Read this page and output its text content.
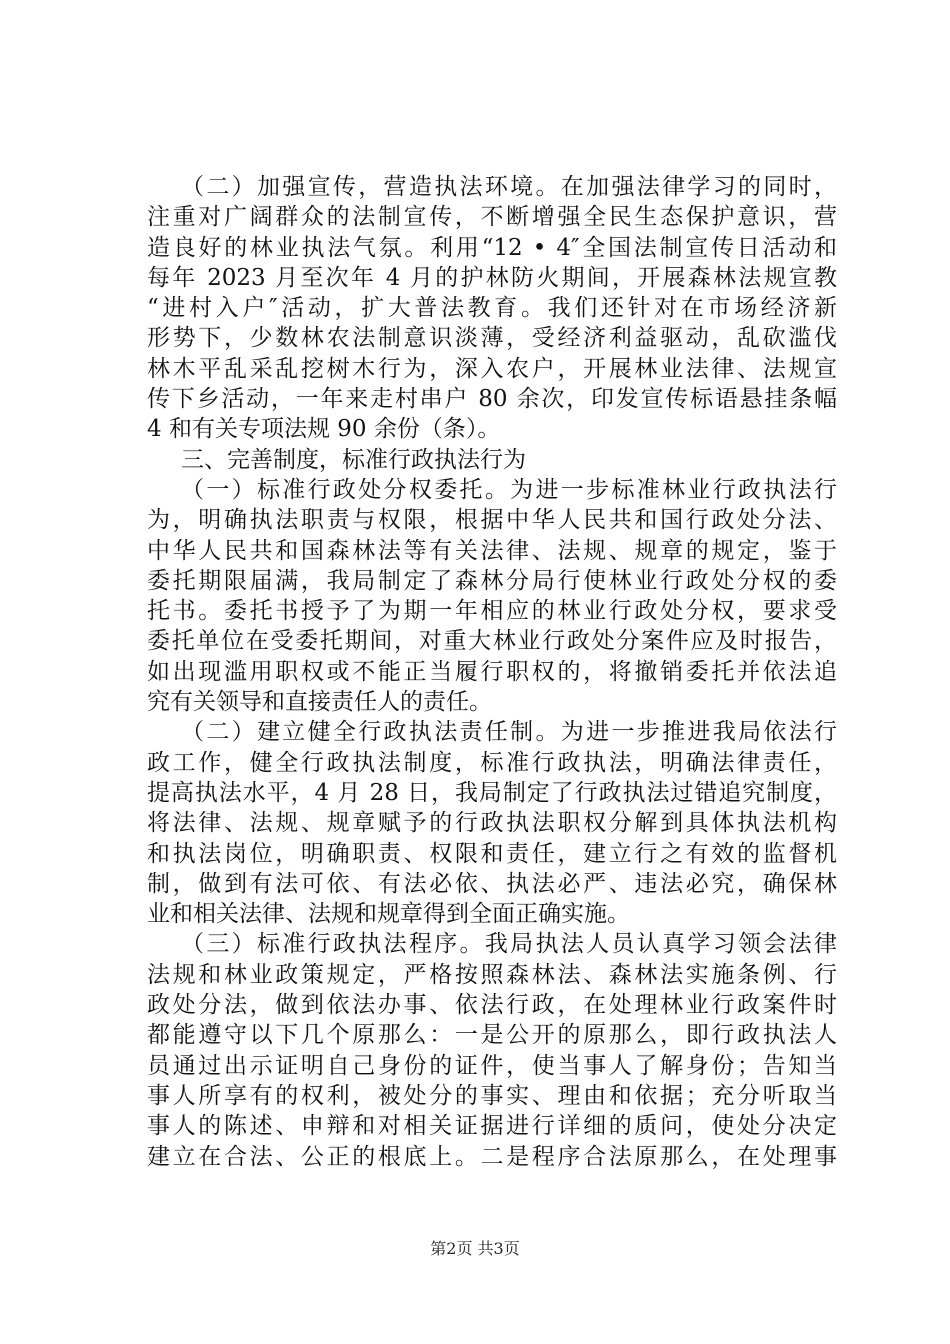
（二）加强宣传，营造执法环境。在加强法律学习的同时，
注重对广阔群众的法制宣传，不断增强全民生态保护意识，营
造良好的林业执法气氛。利用“12 • 4″全国法制宣传日活动和
每年 2023 月至次年 4 月的护林防火期间，开展森林法规宣教
“进村入户″活动，扩大普法教育。我们还针对在市场经济新
形势下，少数林农法制意识淡薄，受经济利益驱动，乱砍滥伐
林木平乱采乱挖树木行为，深入农户，开展林业法律、法规宣
传下乡活动，一年来走村串户 80 余次，印发宣传标语悬挂条幅
4 和有关专项法规 90 余份（条）。
三、完善制度，标准行政执法行为
（一）标准行政处分权委托。为进一步标准林业行政执法行
为，明确执法职责与权限，根据中华人民共和国行政处分法、
中华人民共和国森林法等有关法律、法规、规章的规定，鉴于
委托期限届满，我局制定了森林分局行使林业行政处分权的委
托书。委托书授予了为期一年相应的林业行政处分权，要求受
委托单位在受委托期间，对重大林业行政处分案件应及时报告，
如出现滥用职权或不能正当履行职权的，将撤销委托并依法追
究有关领导和直接责任人的责任。
（二）建立健全行政执法责任制。为进一步推进我局依法行
政工作，健全行政执法制度，标准行政执法，明确法律责任，
提高执法水平，4 月 28 日，我局制定了行政执法过错追究制度，
将法律、法规、规章赋予的行政执法职权分解到具体执法机构
和执法岗位，明确职责、权限和责任，建立行之有效的监督机
制，做到有法可依、有法必依、执法必严、违法必究，确保林
业和相关法律、法规和规章得到全面正确实施。
（三）标准行政执法程序。我局执法人员认真学习领会法律
法规和林业政策规定，严格按照森林法、森林法实施条例、行
政处分法，做到依法办事、依法行政，在处理林业行政案件时
都能遵守以下几个原那么：一是公开的原那么，即行政执法人
员通过出示证明自己身份的证件，使当事人了解身份；告知当
事人所享有的权利，被处分的事实、理由和依据；充分听取当
事人的陈述、申辩和对相关证据进行详细的质问，使处分决定
建立在合法、公正的根底上。二是程序合法原那么，在处理事
第2页 共3页
